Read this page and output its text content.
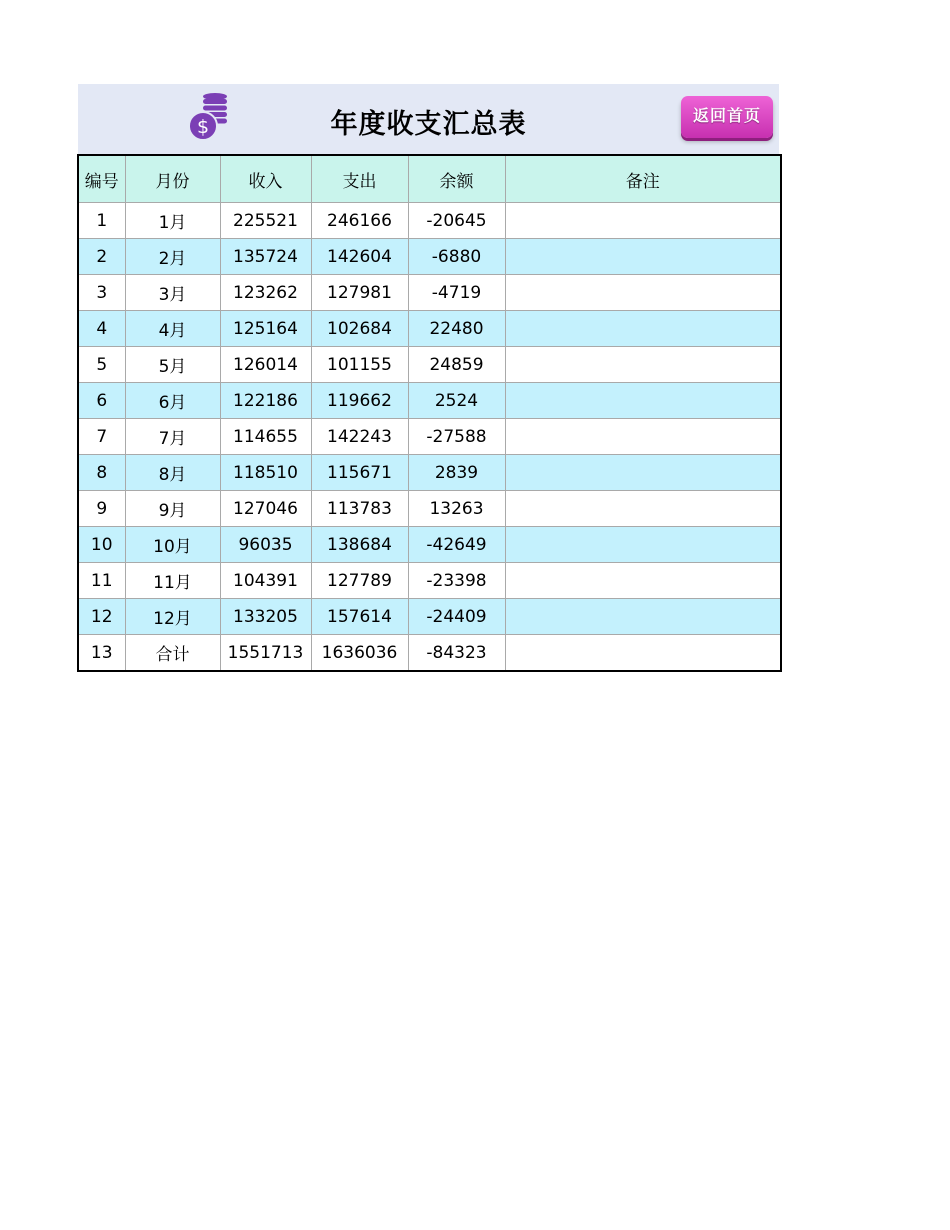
$	年度收支汇总表	返回首页
编号	月份	收入	支出	余额	备注
1	1月	225521	246166	-20645	
2	2月	135724	142604	-6880	
3	3月	123262	127981	-4719	
4	4月	125164	102684	22480	
5	5月	126014	101155	24859	
6	6月	122186	119662	2524	
7	7月	114655	142243	-27588	
8	8月	118510	115671	2839	
9	9月	127046	113783	13263	
10	10月	96035	138684	-42649	
11	11月	104391	127789	-23398	
12	12月	133205	157614	-24409	
13	合计	1551713	1636036	-84323	
